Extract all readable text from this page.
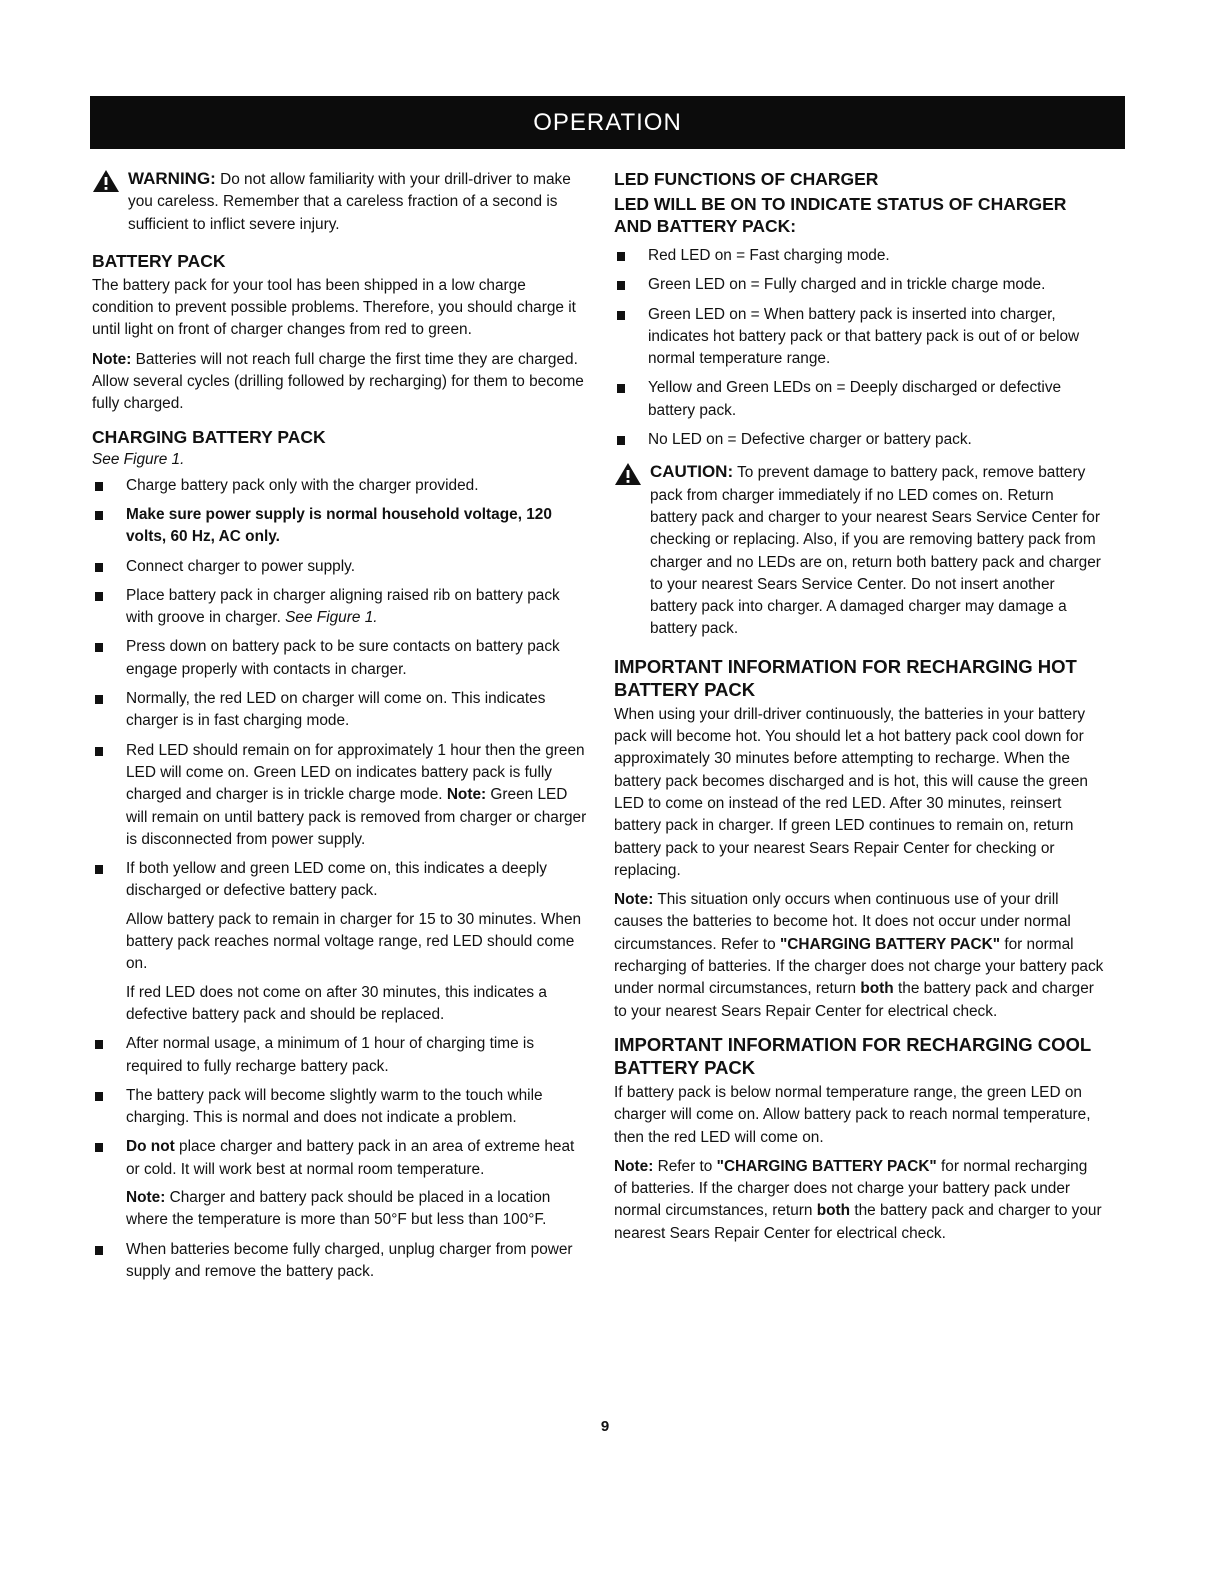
OPERATION
WARNING: Do not allow familiarity with your drill-driver to make you careless. Remember that a careless fraction of a second is sufficient to inflict severe injury.
BATTERY PACK

The battery pack for your tool has been shipped in a low charge condition to prevent possible problems. Therefore, you should charge it until light on front of charger changes from red to green.

Note: Batteries will not reach full charge the first time they are charged. Allow several cycles (drilling followed by recharging) for them to become fully charged.

CHARGING BATTERY PACK
See Figure 1.
Charge battery pack only with the charger provided.
Make sure power supply is normal household voltage, 120 volts, 60 Hz, AC only.
Connect charger to power supply.
Place battery pack in charger aligning raised rib on battery pack with groove in charger. See Figure 1.
Press down on battery pack to be sure contacts on battery pack engage properly with contacts in charger.
Normally, the red LED on charger will come on. This indicates charger is in fast charging mode.
Red LED should remain on for approximately 1 hour then the green LED will come on. Green LED on indicates battery pack is fully charged and charger is in trickle charge mode. Note: Green LED will remain on until battery pack is removed from charger or charger is disconnected from power supply.
If both yellow and green LED come on, this indicates a deeply discharged or defective battery pack.
Allow battery pack to remain in charger for 15 to 30 minutes. When battery pack reaches normal voltage range, red LED should come on.
If red LED does not come on after 30 minutes, this indicates a defective battery pack and should be replaced.
After normal usage, a minimum of 1 hour of charging time is required to fully recharge battery pack.
The battery pack will become slightly warm to the touch while charging. This is normal and does not indicate a problem.
Do not place charger and battery pack in an area of extreme heat or cold. It will work best at normal room temperature.
Note: Charger and battery pack should be placed in a location where the temperature is more than 50°F but less than 100°F.
When batteries become fully charged, unplug charger from power supply and remove the battery pack.
LED FUNCTIONS OF CHARGER
LED WILL BE ON TO INDICATE STATUS OF CHARGER AND BATTERY PACK:
Red LED on = Fast charging mode.
Green LED on = Fully charged and in trickle charge mode.
Green LED on = When battery pack is inserted into charger, indicates hot battery pack or that battery pack is out of or below normal temperature range.
Yellow and Green LEDs on = Deeply discharged or defective battery pack.
No LED on = Defective charger or battery pack.
CAUTION: To prevent damage to battery pack, remove battery pack from charger immediately if no LED comes on. Return battery pack and charger to your nearest Sears Service Center for checking or replacing. Also, if you are removing battery pack from charger and no LEDs are on, return both battery pack and charger to your nearest Sears Service Center. Do not insert another battery pack into charger. A damaged charger may damage a battery pack.
IMPORTANT INFORMATION FOR RECHARGING HOT BATTERY PACK

When using your drill-driver continuously, the batteries in your battery pack will become hot. You should let a hot battery pack cool down for approximately 30 minutes before attempting to recharge. When the battery pack becomes discharged and is hot, this will cause the green LED to come on instead of the red LED. After 30 minutes, reinsert battery pack in charger. If green LED continues to remain on, return battery pack to your nearest Sears Repair Center for checking or replacing.

Note: This situation only occurs when continuous use of your drill causes the batteries to become hot. It does not occur under normal circumstances. Refer to "CHARGING BATTERY PACK" for normal recharging of batteries. If the charger does not charge your battery pack under normal circumstances, return both the battery pack and charger to your nearest Sears Repair Center for electrical check.

IMPORTANT INFORMATION FOR RECHARGING COOL BATTERY PACK

If battery pack is below normal temperature range, the green LED on charger will come on. Allow battery pack to reach normal temperature, then the red LED will come on.

Note: Refer to "CHARGING BATTERY PACK" for normal recharging of batteries. If the charger does not charge your battery pack under normal circumstances, return both the battery pack and charger to your nearest Sears Repair Center for electrical check.

9
